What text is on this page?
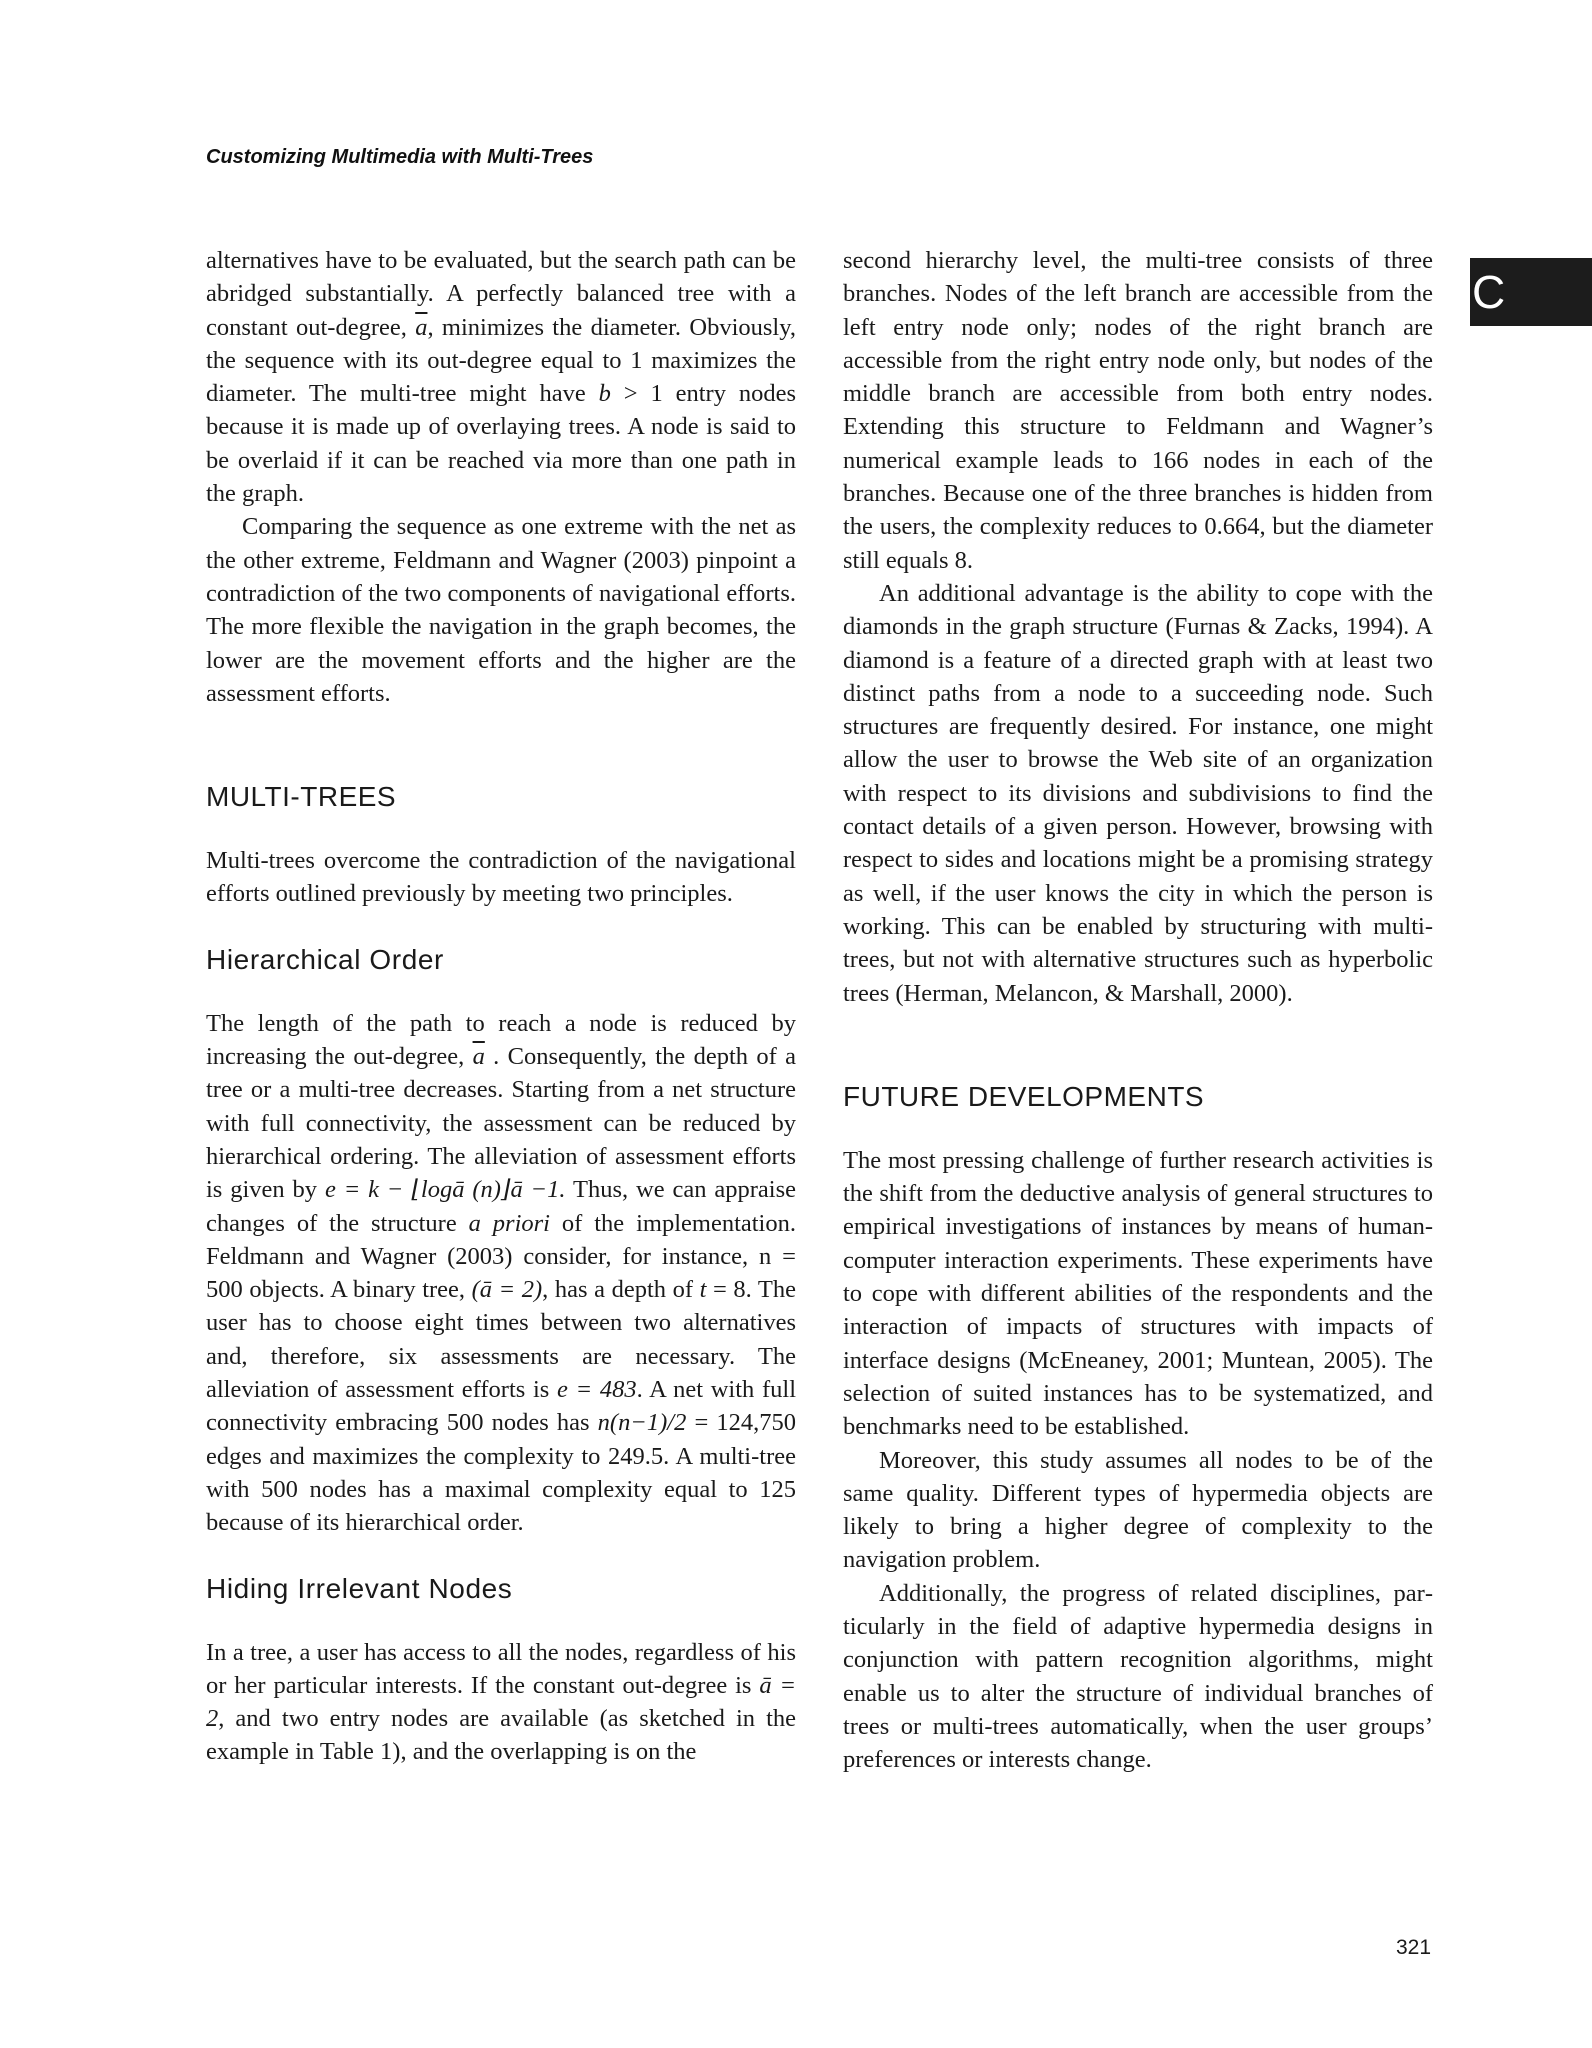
Customizing Multimedia with Multi-Trees
C

alternatives have to be evaluated, but the search path can be abridged substantially. A perfectly balanced tree with a constant out-degree, $\overline{a}$, minimizes the diameter. Obviously, the sequence with its out-degree equal to 1 maximizes the diameter. The multi-tree might have b > 1 entry nodes because it is made up of overlaying trees. A node is said to be overlaid if it can be reached via more than one path in the graph.

Comparing the sequence as one extreme with the net as the other extreme, Feldmann and Wagner (2003) pinpoint a contradiction of the two components of navigational efforts. The more flexible the navigation in the graph becomes, the lower are the movement efforts and the higher are the assessment efforts.

MULTI-TREES

Multi-trees overcome the contradiction of the navigational efforts outlined previously by meeting two principles.

Hierarchical Order

The length of the path to reach a node is reduced by increasing the out-degree, $\overline{a}$ . Consequently, the depth of a tree or a multi-tree decreases. Starting from a net structure with full connectivity, the assessment can be reduced by hierarchical ordering. The alleviation of assessment efforts is given by e = k − ⌊logā (n)⌋ā −1. Thus, we can appraise changes of the structure a priori of the implementation. Feldmann and Wagner (2003) consider, for instance, n = 500 objects. A binary tree, (ā = 2), has a depth of t = 8. The user has to choose eight times between two alternatives and, therefore, six assessments are necessary. The alleviation of assessment efforts is e = 483. A net with full connectivity embracing 500 nodes has n(n−1)/2 = 124,750 edges and maximizes the complexity to 249.5. A multi-tree with 500 nodes has a maximal complexity equal to 125 because of its hierarchical order.

Hiding Irrelevant Nodes

In a tree, a user has access to all the nodes, regardless of his or her particular interests. If the constant out-degree is ā = 2, and two entry nodes are available (as sketched in the example in Table 1), and the overlapping is on the

second hierarchy level, the multi-tree consists of three branches. Nodes of the left branch are accessible from the left entry node only; nodes of the right branch are accessible from the right entry node only, but nodes of the middle branch are accessible from both entry nodes. Extending this structure to Feldmann and Wagner’s numerical example leads to 166 nodes in each of the branches. Because one of the three branches is hidden from the users, the complexity reduces to 0.664, but the diameter still equals 8.

An additional advantage is the ability to cope with the diamonds in the graph structure (Furnas & Zacks, 1994). A diamond is a feature of a directed graph with at least two distinct paths from a node to a succeeding node. Such structures are frequently desired. For instance, one might allow the user to browse the Web site of an organization with respect to its divisions and subdivisions to find the contact details of a given person. However, browsing with respect to sides and locations might be a promising strategy as well, if the user knows the city in which the person is working. This can be enabled by structuring with multi-trees, but not with alternative structures such as hyperbolic trees (Herman, Melancon, & Marshall, 2000).

FUTURE DEVELOPMENTS

The most pressing challenge of further research activities is the shift from the deductive analysis of general structures to empirical investigations of instances by means of human-computer interaction experiments. These experiments have to cope with different abilities of the respondents and the interaction of impacts of structures with impacts of interface designs (McEneaney, 2001; Muntean, 2005). The selection of suited instances has to be systematized, and benchmarks need to be established.

Moreover, this study assumes all nodes to be of the same quality. Different types of hypermedia objects are likely to bring a higher degree of complexity to the navigation problem.

Additionally, the progress of related disciplines, particularly in the field of adaptive hypermedia designs in conjunction with pattern recognition algorithms, might enable us to alter the structure of individual branches of trees or multi-trees automatically, when the user groups’ preferences or interests change.

321
